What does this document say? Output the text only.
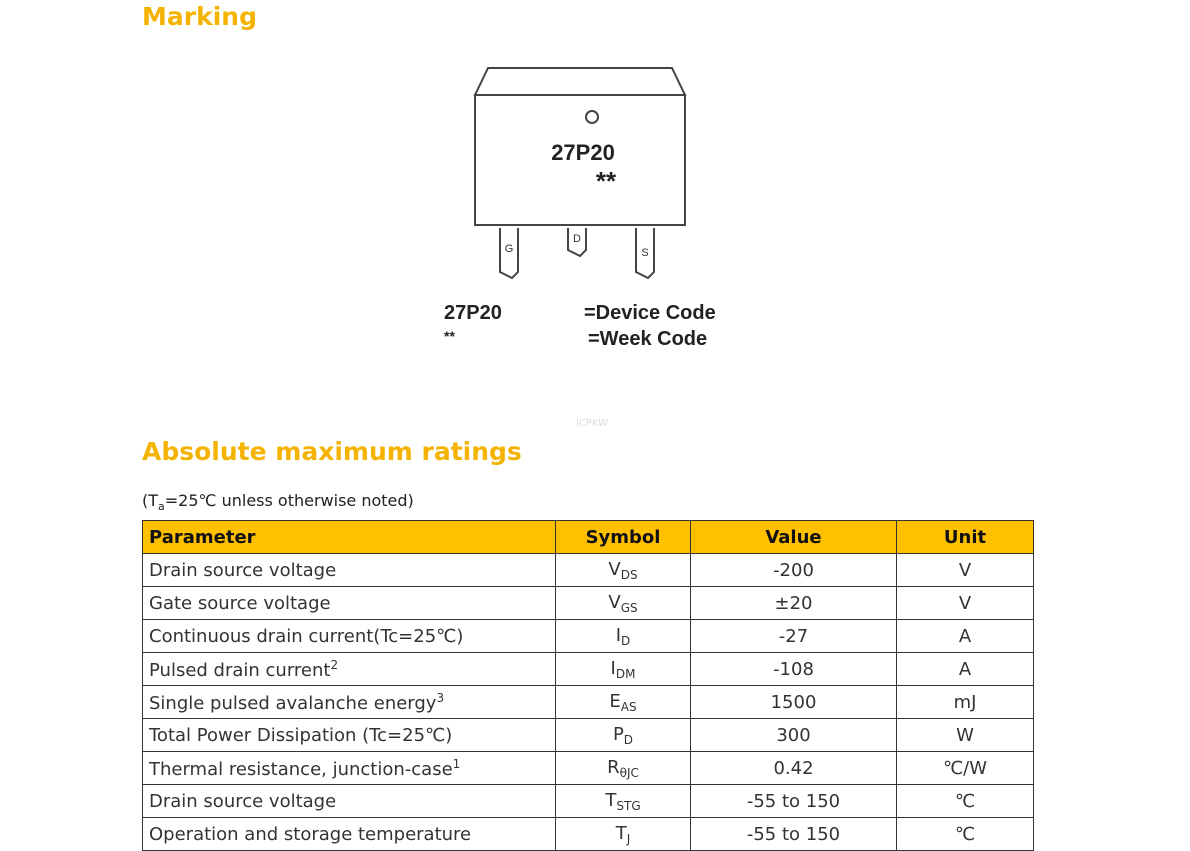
Marking
27P20
**
G
D
S
27P20
**
=Device Code
=Week Code
ICPKW
Absolute maximum ratings
($T_a=25℃$ unless otherwise noted)
Parameter	Symbol	Value	Unit
Drain source voltage	$V_{DS}$	-200	V
Gate source voltage	$V_{GS}$	±20	V
Continuous drain current(Tc=25℃)	$I_D$	-27	A
Pulsed drain current$^2$	$I_{DM}$	-108	A
Single pulsed avalanche energy$^3$	$E_{AS}$	1500	mJ
Total Power Dissipation (Tc=25℃)	$P_D$	300	W
Thermal resistance, junction-case$^1$	$R_{\theta JC}$	0.42	℃/W
Drain source voltage	$T_{STG}$	-55 to 150	℃
Operation and storage temperature	$T_J$	-55 to 150	℃
